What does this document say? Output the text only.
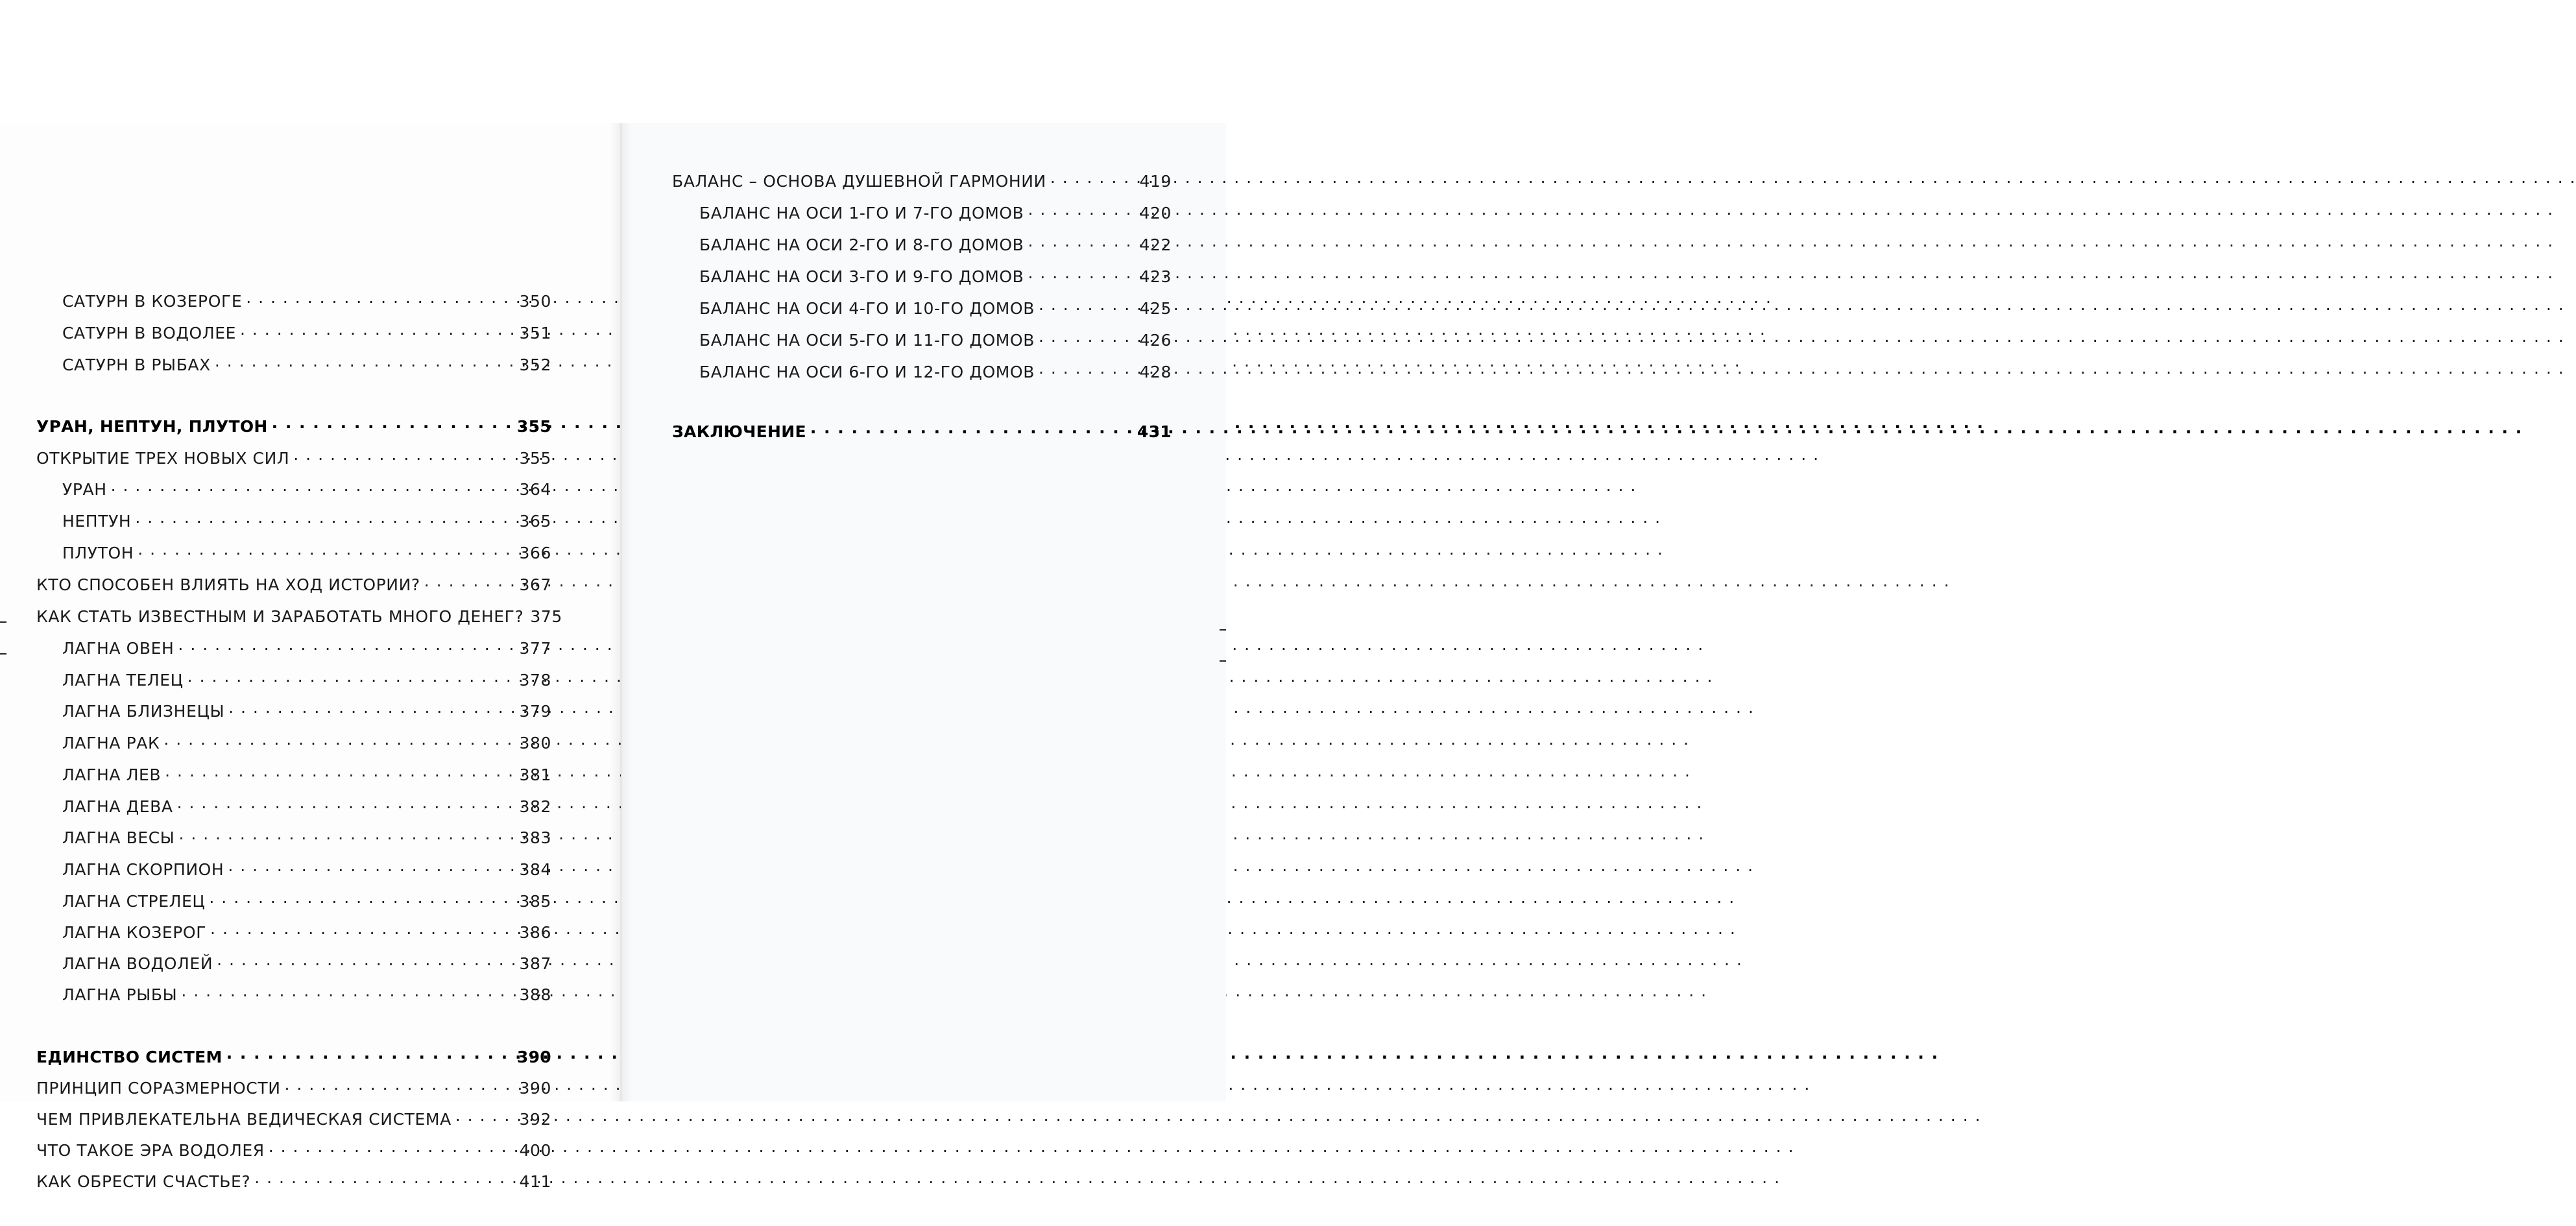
САТУРН В КОЗЕРОГЕ . . .	350
САТУРН В ВОДОЛЕЕ . . .	351
САТУРН В РЫБАХ . . .	352
УРАН, НЕПТУН, ПЛУТОН . . .	355
ОТКРЫТИЕ ТРЕХ НОВЫХ СИЛ . . .	355
УРАН . . .	364
НЕПТУН . . .	365
ПЛУТОН . . .	366
КТО СПОСОБЕН ВЛИЯТЬ НА ХОД ИСТОРИИ? . . .	367
КАК СТАТЬ ИЗВЕСТНЫМ И ЗАРАБОТАТЬ МНОГО ДЕНЕГ? 375
ЛАГНА ОВЕН . . .	377
ЛАГНА ТЕЛЕЦ . . .	378
ЛАГНА БЛИЗНЕЦЫ . . .	379
ЛАГНА РАК . . .	380
ЛАГНА ЛЕВ . . .	381
ЛАГНА ДЕВА . . .	382
ЛАГНА ВЕСЫ . . .	383
ЛАГНА СКОРПИОН . . .	384
ЛАГНА СТРЕЛЕЦ . . .	385
ЛАГНА КОЗЕРОГ . . .	386
ЛАГНА ВОДОЛЕЙ . . .	387
ЛАГНА РЫБЫ . . .	388
ЕДИНСТВО СИСТЕМ . . .	390
ПРИНЦИП СОРАЗМЕРНОСТИ . . .	390
ЧЕМ ПРИВЛЕКАТЕЛЬНА ВЕДИЧЕСКАЯ СИСТЕМА . . .	392
ЧТО ТАКОЕ ЭРА ВОДОЛЕЯ . . .	400
КАК ОБРЕСТИ СЧАСТЬЕ? . . .	411
БАЛАНС – ОСНОВА ДУШЕВНОЙ ГАРМОНИИ . . .	419
БАЛАНС НА ОСИ 1-ГО И 7-ГО ДОМОВ . . .	420
БАЛАНС НА ОСИ 2-ГО И 8-ГО ДОМОВ . . .	422
БАЛАНС НА ОСИ 3-ГО И 9-ГО ДОМОВ . . .	423
БАЛАНС НА ОСИ 4-ГО И 10-ГО ДОМОВ . . .	425
БАЛАНС НА ОСИ 5-ГО И 11-ГО ДОМОВ . . .	426
БАЛАНС НА ОСИ 6-ГО И 12-ГО ДОМОВ . . .	428
ЗАКЛЮЧЕНИЕ . . .	431
